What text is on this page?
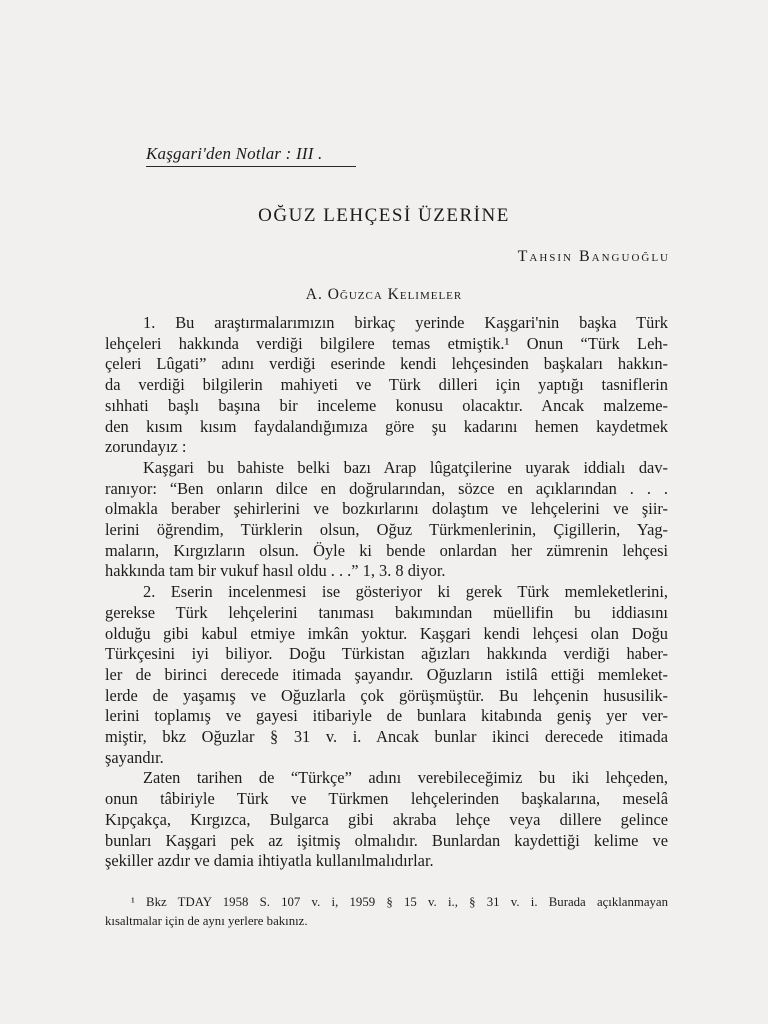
Kaşgari'den Notlar : III .
OĞUZ LEHÇESİ ÜZERİNE
Tahsin Banguoğlu
A. Oğuzca Kelimeler
1. Bu araştırmalarımızın birkaç yerinde Kaşgari'nin başka Türk
lehçeleri hakkında verdiği bilgilere temas etmiştik.¹ Onun “Türk Leh-
çeleri Lûgati” adını verdiği eserinde kendi lehçesinden başkaları hakkın-
da verdiği bilgilerin mahiyeti ve Türk dilleri için yaptığı tasniflerin
sıhhati başlı başına bir inceleme konusu olacaktır. Ancak malzeme-
den kısım kısım faydalandığımıza göre şu kadarını hemen kaydetmek
zorundayız :
Kaşgari bu bahiste belki bazı Arap lûgatçilerine uyarak iddialı dav-
ranıyor: “Ben onların dilce en doğrularından, sözce en açıklarından . . .
olmakla beraber şehirlerini ve bozkırlarını dolaştım ve lehçelerini ve şiir-
lerini öğrendim, Türklerin olsun, Oğuz Türkmenlerinin, Çigillerin, Yag-
maların, Kırgızların olsun. Öyle ki bende onlardan her zümrenin lehçesi
hakkında tam bir vukuf hasıl oldu . . .” 1, 3. 8 diyor.
2. Eserin incelenmesi ise gösteriyor ki gerek Türk memleketlerini,
gerekse Türk lehçelerini tanıması bakımından müellifin bu iddiasını
olduğu gibi kabul etmiye imkân yoktur. Kaşgari kendi lehçesi olan Doğu
Türkçesini iyi biliyor. Doğu Türkistan ağızları hakkında verdiği haber-
ler de birinci derecede itimada şayandır. Oğuzların istilâ ettiği memleket-
lerde de yaşamış ve Oğuzlarla çok görüşmüştür. Bu lehçenin hususilik-
lerini toplamış ve gayesi itibariyle de bunlara kitabında geniş yer ver-
miştir, bkz Oğuzlar § 31 v. i. Ancak bunlar ikinci derecede itimada
şayandır.
Zaten tarihen de “Türkçe” adını verebileceğimiz bu iki lehçeden,
onun tâbiriyle Türk ve Türkmen lehçelerinden başkalarına, meselâ
Kıpçakça, Kırgızca, Bulgarca gibi akraba lehçe veya dillere gelince
bunları Kaşgari pek az işitmiş olmalıdır. Bunlardan kaydettiği kelime ve
şekiller azdır ve damia ihtiyatla kullanılmalıdırlar.
¹ Bkz TDAY 1958 S. 107 v. i, 1959 § 15 v. i., § 31 v. i. Burada açıklanmayan
kısaltmalar için de aynı yerlere bakınız.
